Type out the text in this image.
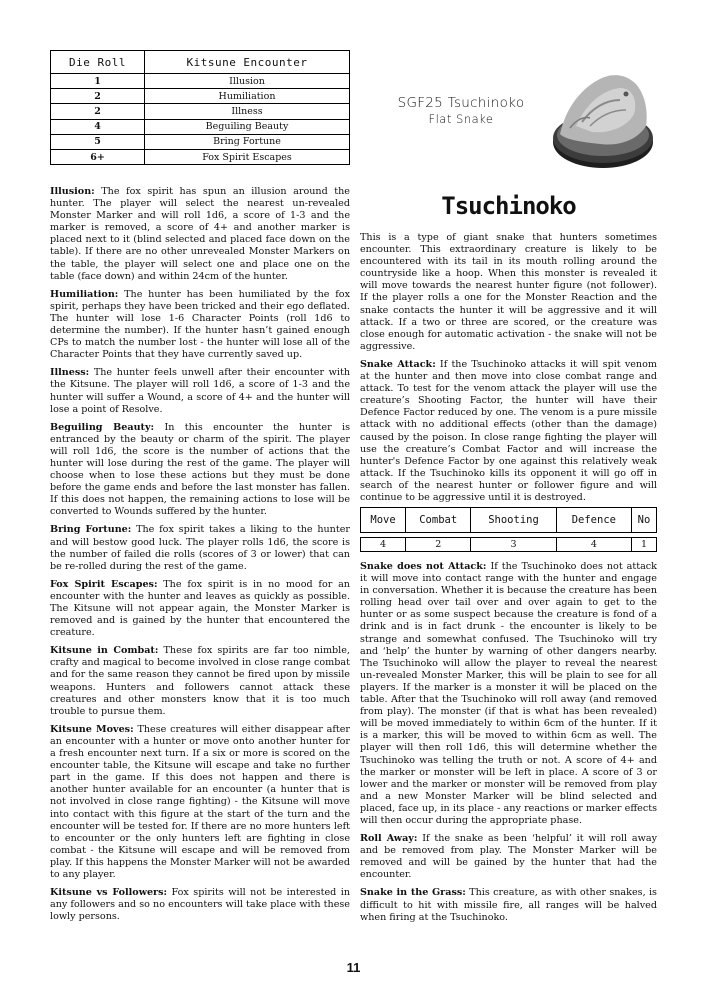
Die Roll	Kitsune Encounter
1	Illusion
2	Humiliation
2	Illness
4	Beguiling Beauty
5	Bring Fortune
6+	Fox Spirit Escapes

Illusion: The fox spirit has spun an illusion around the hunter. The player will select the nearest un-revealed Monster Marker and will roll 1d6, a score of 1-3 and the marker is removed, a score of 4+ and another marker is placed next to it (blind selected and placed face down on the table). If there are no other unrevealed Monster Markers on the table, the player will select one and place one on the table (face down) and within 24cm of the hunter.

Humiliation: The hunter has been humiliated by the fox spirit, perhaps they have been tricked and their ego deflated. The hunter will lose 1-6 Character Points (roll 1d6 to determine the number). If the hunter hasn’t gained enough CPs to match the number lost - the hunter will lose all of the Character Points that they have currently saved up.

Illness: The hunter feels unwell after their encounter with the Kitsune. The player will roll 1d6, a score of 1-3 and the hunter will suffer a Wound, a score of 4+ and the hunter will lose a point of Resolve.

Beguiling Beauty: In this encounter the hunter is entranced by the beauty or charm of the spirit. The player will roll 1d6, the score is the number of actions that the hunter will lose during the rest of the game. The player will choose when to lose these actions but they must be done before the game ends and before the last monster has fallen. If this does not happen, the remaining actions to lose will be converted to Wounds suffered by the hunter.

Bring Fortune: The fox spirit takes a liking to the hunter and will bestow good luck. The player rolls 1d6, the score is the number of failed die rolls (scores of 3 or lower) that can be re-rolled during the rest of the game.

Fox Spirit Escapes: The fox spirit is in no mood for an encounter with the hunter and leaves as quickly as possible. The Kitsune will not appear again, the Monster Marker is removed and is gained by the hunter that encountered the creature.

Kitsune in Combat: These fox spirits are far too nimble, crafty and magical to become involved in close range combat and for the same reason they cannot be fired upon by missile weapons. Hunters and followers cannot attack these creatures and other monsters know that it is too much trouble to pursue them.

Kitsune Moves: These creatures will either disappear after an encounter with a hunter or move onto another hunter for a fresh encounter next turn. If a six or more is scored on the encounter table, the Kitsune will escape and take no further part in the game. If this does not happen and there is another hunter available for an encounter (a hunter that is not involved in close range fighting) - the Kitsune will move into contact with this figure at the start of the turn and the encounter will be tested for. If there are no more hunters left to encounter or the only hunters left are fighting in close combat - the Kitsune will escape and will be removed from play. If this happens the Monster Marker will not be awarded to any player.

Kitsune vs Followers: Fox spirits will not be interested in any followers and so no encounters will take place with these lowly persons.

SGF25 Tsuchinoko
Flat Snake
Tsuchinoko

This is a type of giant snake that hunters sometimes encounter. This extraordinary creature is likely to be encountered with its tail in its mouth rolling around the countryside like a hoop. When this monster is revealed it will move towards the nearest hunter figure (not follower). If the player rolls a one for the Monster Reaction and the snake contacts the hunter it will be aggressive and it will attack. If a two or three are scored, or the creature was close enough for automatic activation - the snake will not be aggressive.

Snake Attack: If the Tsuchinoko attacks it will spit venom at the hunter and then move into close combat range and attack. To test for the venom attack the player will use the creature’s Shooting Factor, the hunter will have their Defence Factor reduced by one. The venom is a pure missile attack with no additional effects (other than the damage) caused by the poison. In close range fighting the player will use the creature’s Combat Factor and will increase the hunter's Defence Factor by one against this relatively weak attack. If the Tsuchinoko kills its opponent it will go off in search of the nearest hunter or follower figure and will continue to be aggressive until it is destroyed.

Move	Combat	Shooting	Defence	No

4	2	3	4	1

Snake does not Attack: If the Tsuchinoko does not attack it will move into contact range with the hunter and engage in conversation. Whether it is because the creature has been rolling head over tail over and over again to get to the hunter or as some suspect because the creature is fond of a drink and is in fact drunk - the encounter is likely to be strange and somewhat confused. The Tsuchinoko will try and ‘help’ the hunter by warning of other dangers nearby. The Tsuchinoko will allow the player to reveal the nearest un-revealed Monster Marker, this will be plain to see for all players. If the marker is a monster it will be placed on the table. After that the Tsuchinoko will roll away (and removed from play). The monster (if that is what has been revealed) will be moved immediately to within 6cm of the hunter. If it is a marker, this will be moved to within 6cm as well. The player will then roll 1d6, this will determine whether the Tsuchinoko was telling the truth or not. A score of 4+ and the marker or monster will be left in place. A score of 3 or lower and the marker or monster will be removed from play and a new Monster Marker will be blind selected and placed, face up, in its place - any reactions or marker effects will then occur during the appropriate phase.

Roll Away: If the snake as been ‘helpful’ it will roll away and be removed from play. The Monster Marker will be removed and will be gained by the hunter that had the encounter.

Snake in the Grass: This creature, as with other snakes, is difficult to hit with missile fire, all ranges will be halved when firing at the Tsuchinoko.

11
